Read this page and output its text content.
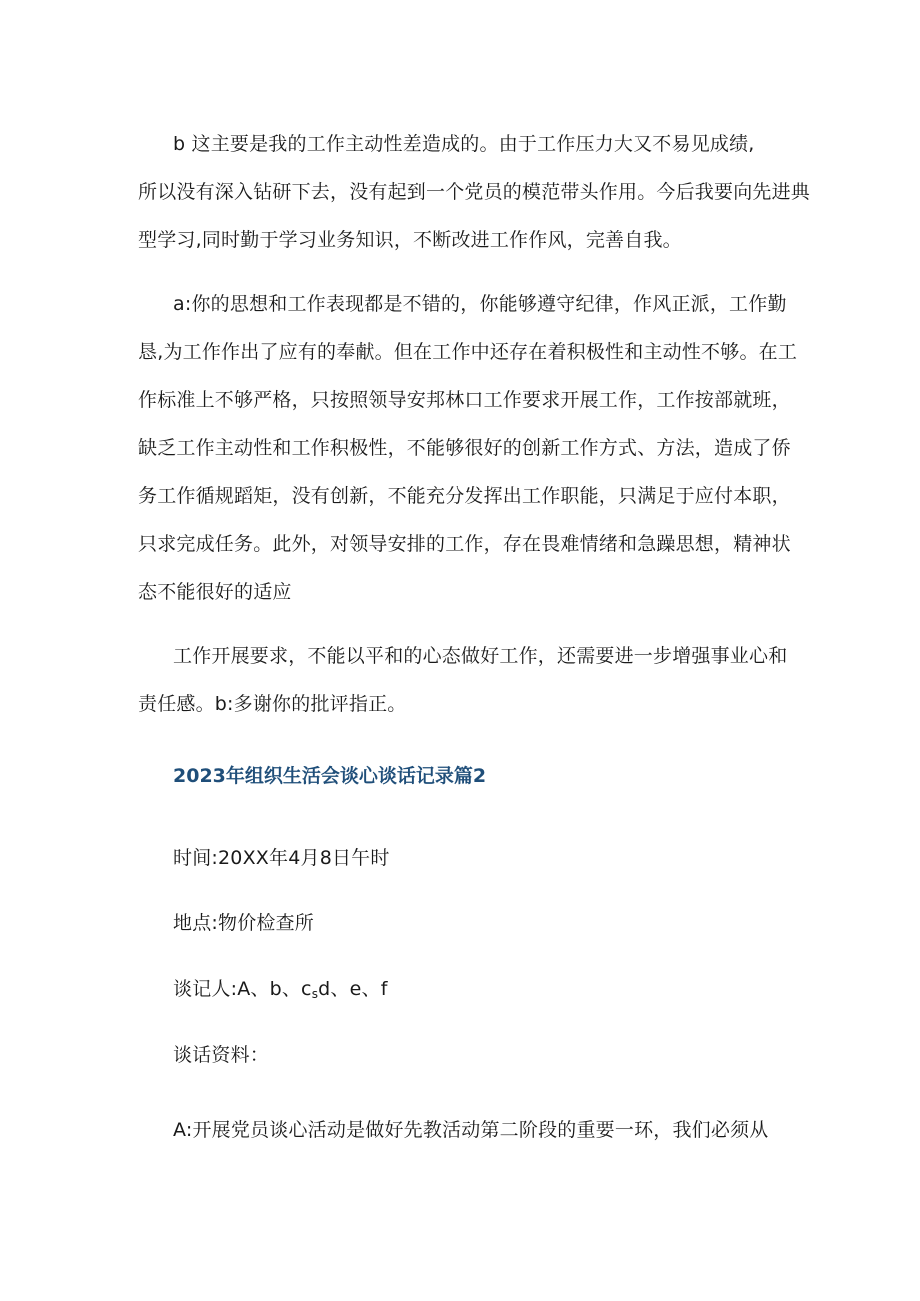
b 这主要是我的工作主动性差造成的。由于工作压力大又不易见成绩,
所以没有深入钻研下去，没有起到一个党员的模范带头作用。今后我要向先进典
型学习,同时勤于学习业务知识，不断改进工作作风，完善自我。
a:你的思想和工作表现都是不错的，你能够遵守纪律，作风正派，工作勤
恳,为工作作出了应有的奉献。但在工作中还存在着积极性和主动性不够。在工
作标准上不够严格，只按照领导安邦林口工作要求开展工作，工作按部就班，
缺乏工作主动性和工作积极性，不能够很好的创新工作方式、方法，造成了侨
务工作循规蹈矩，没有创新，不能充分发挥出工作职能，只满足于应付本职，
只求完成任务。此外，对领导安排的工作，存在畏难情绪和急躁思想，精神状
态不能很好的适应
工作开展要求，不能以平和的心态做好工作，还需要进一步增强事业心和
责任感。b:多谢你的批评指正。
2023年组织生活会谈心谈话记录篇2
时间:20XX年4月8日午时
地点:物价检查所
谈记人:A、b、$c_sd$、e、f
谈话资料：
A:开展党员谈心活动是做好先教活动第二阶段的重要一环，我们必须从
